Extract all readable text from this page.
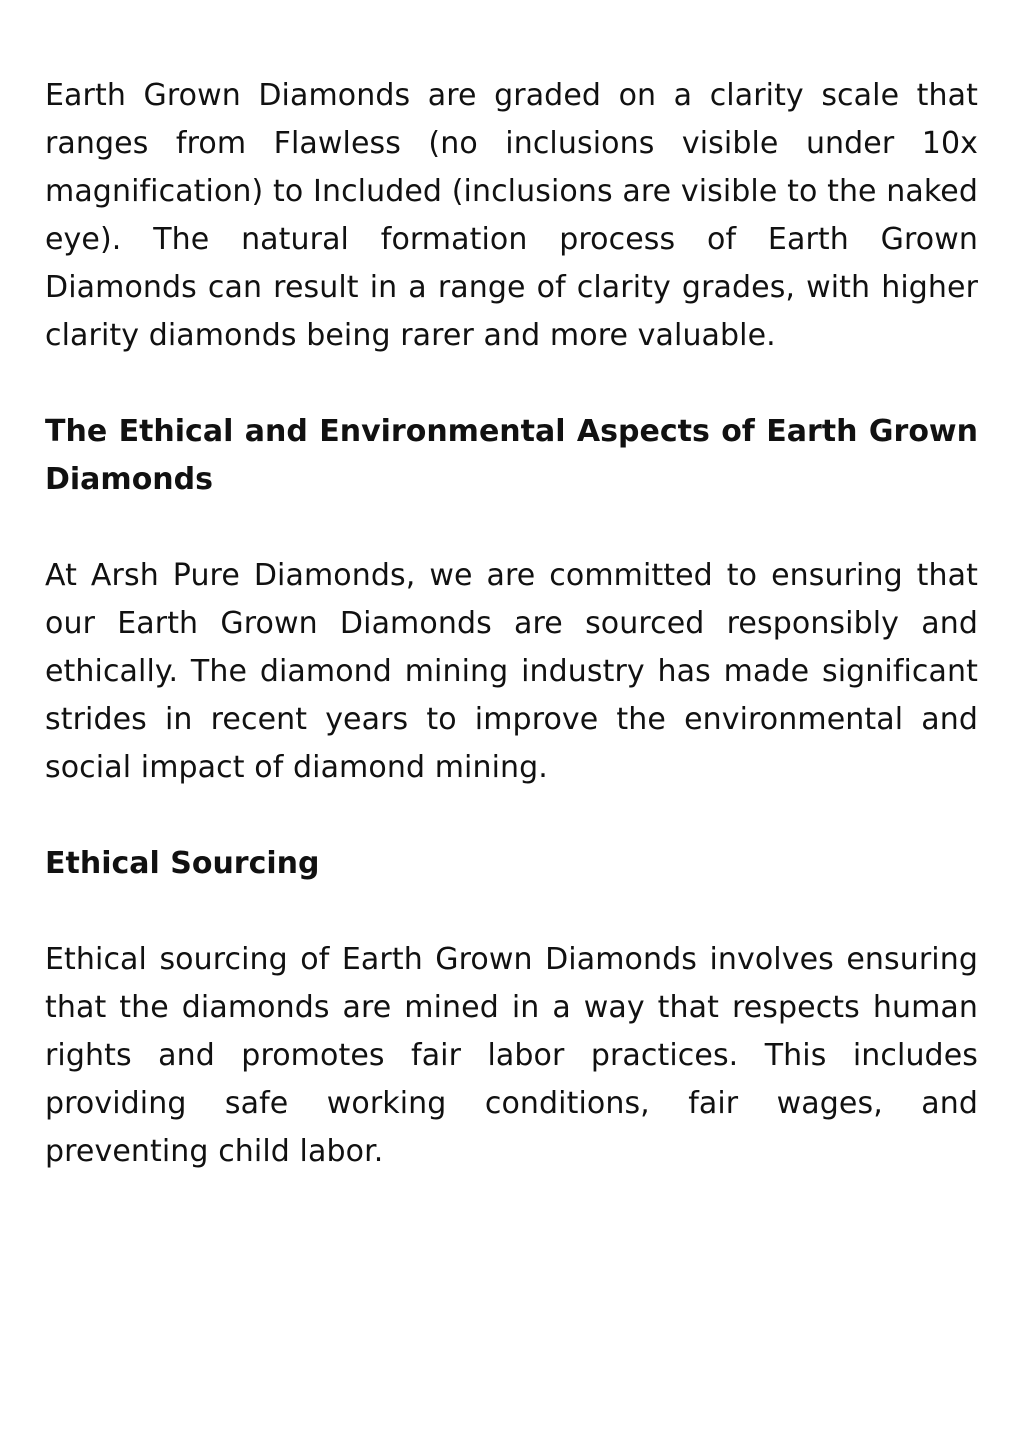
Earth Grown Diamonds are graded on a clarity scale that ranges from Flawless (no inclusions visible under 10x magnification) to Included (inclusions are visible to the naked eye). The natural formation process of Earth Grown Diamonds can result in a range of clarity grades, with higher clarity diamonds being rarer and more valuable.

The Ethical and Environmental Aspects of Earth Grown Diamonds

At Arsh Pure Diamonds, we are committed to ensuring that our Earth Grown Diamonds are sourced responsibly and ethically. The diamond mining industry has made significant strides in recent years to improve the environmental and social impact of diamond mining.

Ethical Sourcing

Ethical sourcing of Earth Grown Diamonds involves ensuring that the diamonds are mined in a way that respects human rights and promotes fair labor practices. This includes providing safe working conditions, fair wages, and preventing child labor.
